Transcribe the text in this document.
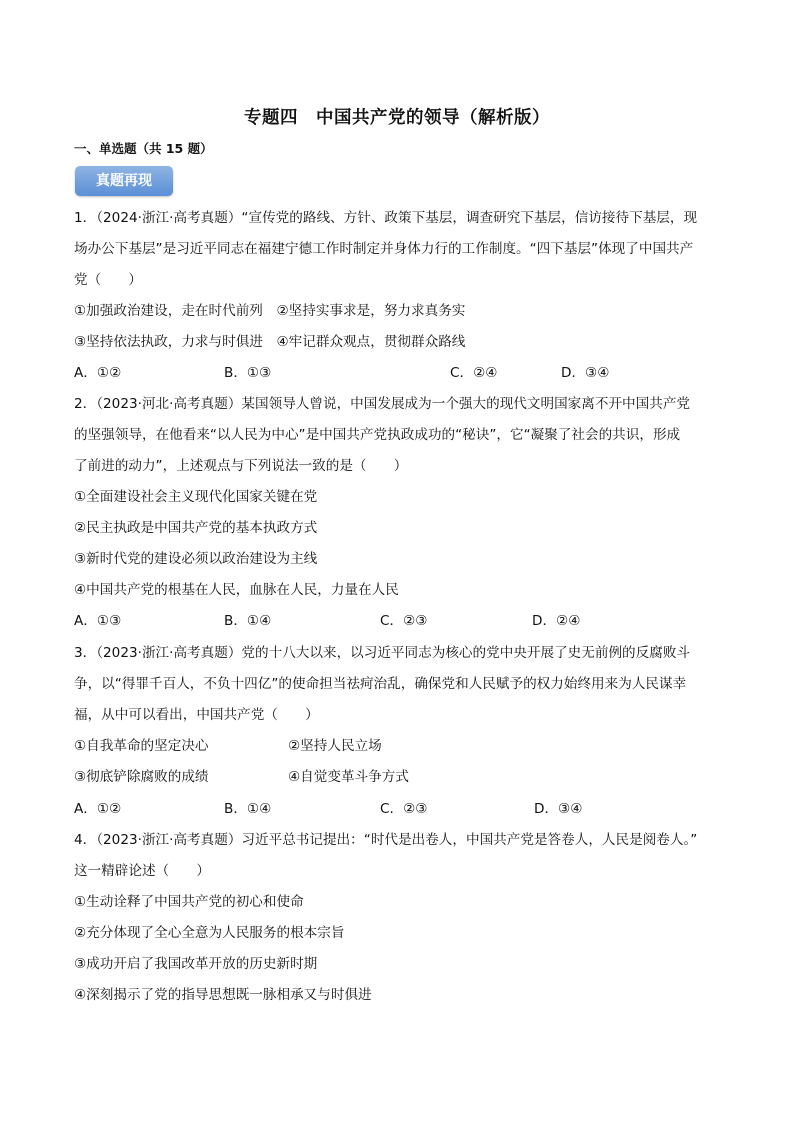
专题四　中国共产党的领导（解析版）
一、单选题（共 15 题）
真题再现
1．（2024·浙江·高考真题）“宣传党的路线、方针、政策下基层，调查研究下基层，信访接待下基层，现
场办公下基层”是习近平同志在福建宁德工作时制定并身体力行的工作制度。“四下基层”体现了中国共产
党（　　）
①加强政治建设，走在时代前列　②坚持实事求是，努力求真务实
③坚持依法执政，力求与时俱进　④牢记群众观点，贯彻群众路线
A．①②	B．①③	C．②④	D．③④
2．（2023·河北·高考真题）某国领导人曾说，中国发展成为一个强大的现代文明国家离不开中国共产党
的坚强领导，在他看来“以人民为中心”是中国共产党执政成功的“秘诀”，它“凝聚了社会的共识，形成
了前进的动力”，上述观点与下列说法一致的是（　　）
①全面建设社会主义现代化国家关键在党
②民主执政是中国共产党的基本执政方式
③新时代党的建设必须以政治建设为主线
④中国共产党的根基在人民，血脉在人民，力量在人民
A．①③	B．①④	C．②③	D．②④
3．（2023·浙江·高考真题）党的十八大以来，以习近平同志为核心的党中央开展了史无前例的反腐败斗
争，以“得罪千百人，不负十四亿”的使命担当祛疴治乱，确保党和人民赋予的权力始终用来为人民谋幸
福，从中可以看出，中国共产党（　　）
①自我革命的坚定决心	②坚持人民立场
③彻底铲除腐败的成绩	④自觉变革斗争方式
A．①②	B．①④	C．②③	D．③④
4．（2023·浙江·高考真题）习近平总书记提出：“时代是出卷人，中国共产党是答卷人，人民是阅卷人。”
这一精辟论述（　　）
①生动诠释了中国共产党的初心和使命
②充分体现了全心全意为人民服务的根本宗旨
③成功开启了我国改革开放的历史新时期
④深刻揭示了党的指导思想既一脉相承又与时俱进
